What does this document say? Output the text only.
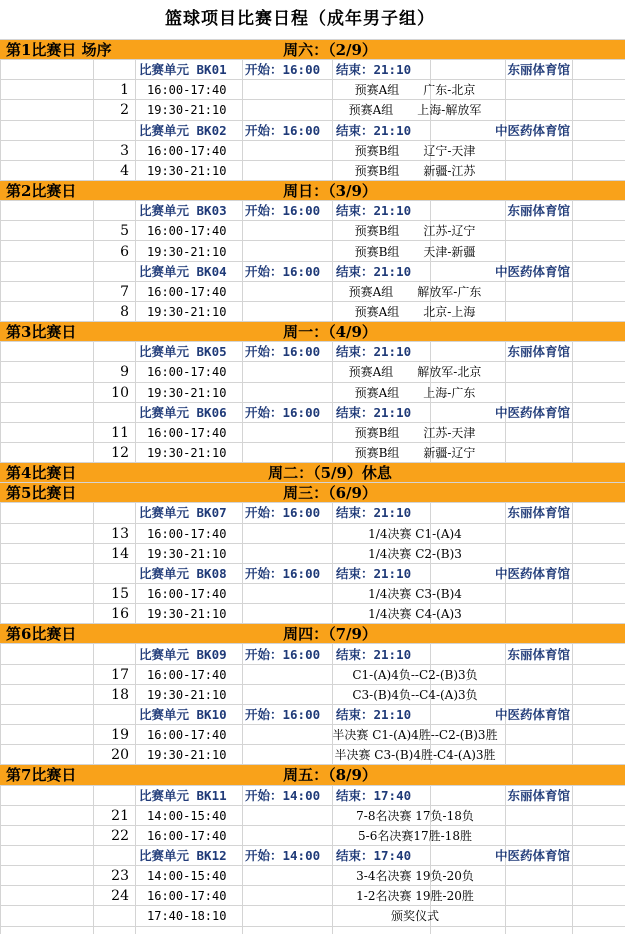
篮球项目比赛日程（成年男子组）
第1比赛日 场序	周六：（2/9）
比赛单元 BK01 开始：16:00 结束：21:10	东丽体育馆
1 16:00-17:40	预赛A组　　广东-北京
2 19:30-21:10	预赛A组　　上海-解放军
比赛单元 BK02 开始：16:00 结束：21:10	中医药体育馆
3 16:00-17:40	预赛B组　　辽宁-天津
4 19:30-21:10	预赛B组　　新疆-江苏
第2比赛日	周日：（3/9）
比赛单元 BK03 开始：16:00 结束：21:10	东丽体育馆
5 16:00-17:40	预赛B组　　江苏-辽宁
6 19:30-21:10	预赛B组　　天津-新疆
比赛单元 BK04 开始：16:00 结束：21:10	中医药体育馆
7 16:00-17:40	预赛A组　　解放军-广东
8 19:30-21:10	预赛A组　　北京-上海
第3比赛日	周一：（4/9）
比赛单元 BK05 开始：16:00 结束：21:10	东丽体育馆
9 16:00-17:40	预赛A组　　解放军-北京
10 19:30-21:10	预赛A组　　上海-广东
比赛单元 BK06 开始：16:00 结束：21:10	中医药体育馆
11 16:00-17:40	预赛B组　　江苏-天津
12 19:30-21:10	预赛B组　　新疆-辽宁
第4比赛日	周二：（5/9）休息
第5比赛日	周三：（6/9）
比赛单元 BK07 开始：16:00 结束：21:10	东丽体育馆
13 16:00-17:40	1/4决赛 C1-(A)4
14 19:30-21:10	1/4决赛 C2-(B)3
比赛单元 BK08 开始：16:00 结束：21:10	中医药体育馆
15 16:00-17:40	1/4决赛 C3-(B)4
16 19:30-21:10	1/4决赛 C4-(A)3
第6比赛日	周四：（7/9）
比赛单元 BK09 开始：16:00 结束：21:10	东丽体育馆
17 16:00-17:40	C1-(A)4负--C2-(B)3负
18 19:30-21:10	C3-(B)4负--C4-(A)3负
比赛单元 BK10 开始：16:00 结束：21:10	中医药体育馆
19 16:00-17:40	半决赛 C1-(A)4胜--C2-(B)3胜
20 19:30-21:10	半决赛 C3-(B)4胜-C4-(A)3胜
第7比赛日	周五：（8/9）
比赛单元 BK11 开始：14:00 结束：17:40	东丽体育馆
21 14:00-15:40	7-8名决赛 17负-18负
22 16:00-17:40	5-6名决赛17胜-18胜
比赛单元 BK12 开始：14:00 结束：17:40	中医药体育馆
23 14:00-15:40	3-4名决赛 19负-20负
24 16:00-17:40	1-2名决赛 19胜-20胜
17:40-18:10	颁奖仪式
